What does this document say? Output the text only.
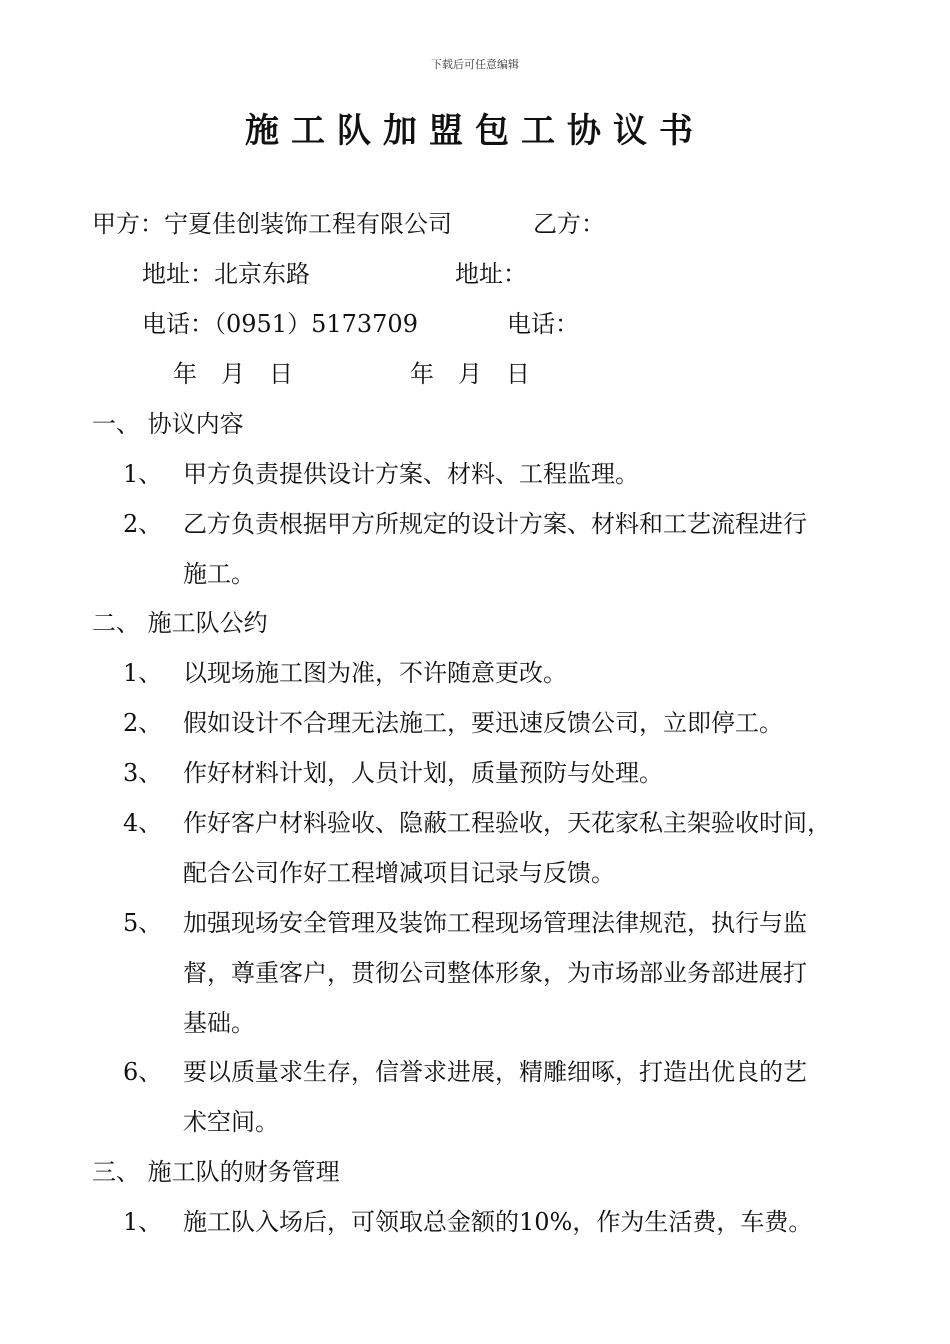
下载后可任意编辑
施工队加盟包工协议书
甲方：宁夏佳创装饰工程有限公司	乙方：
地址：北京东路	地址：
电话：（0951）5173709	电话：
年　月　日	年　月　日
一、 协议内容
1、 甲方负责提供设计方案、材料、工程监理。
2、 乙方负责根据甲方所规定的设计方案、材料和工艺流程进行
施工。
二、 施工队公约
1、 以现场施工图为准，不许随意更改。
2、 假如设计不合理无法施工，要迅速反馈公司，立即停工。
3、 作好材料计划，人员计划，质量预防与处理。
4、 作好客户材料验收、隐蔽工程验收，天花家私主架验收时间，
配合公司作好工程增减项目记录与反馈。
5、 加强现场安全管理及装饰工程现场管理法律规范，执行与监
督，尊重客户，贯彻公司整体形象，为市场部业务部进展打
基础。
6、 要以质量求生存，信誉求进展，精雕细啄，打造出优良的艺
术空间。
三、 施工队的财务管理
1、 施工队入场后，可领取总金额的10%，作为生活费，车费。
